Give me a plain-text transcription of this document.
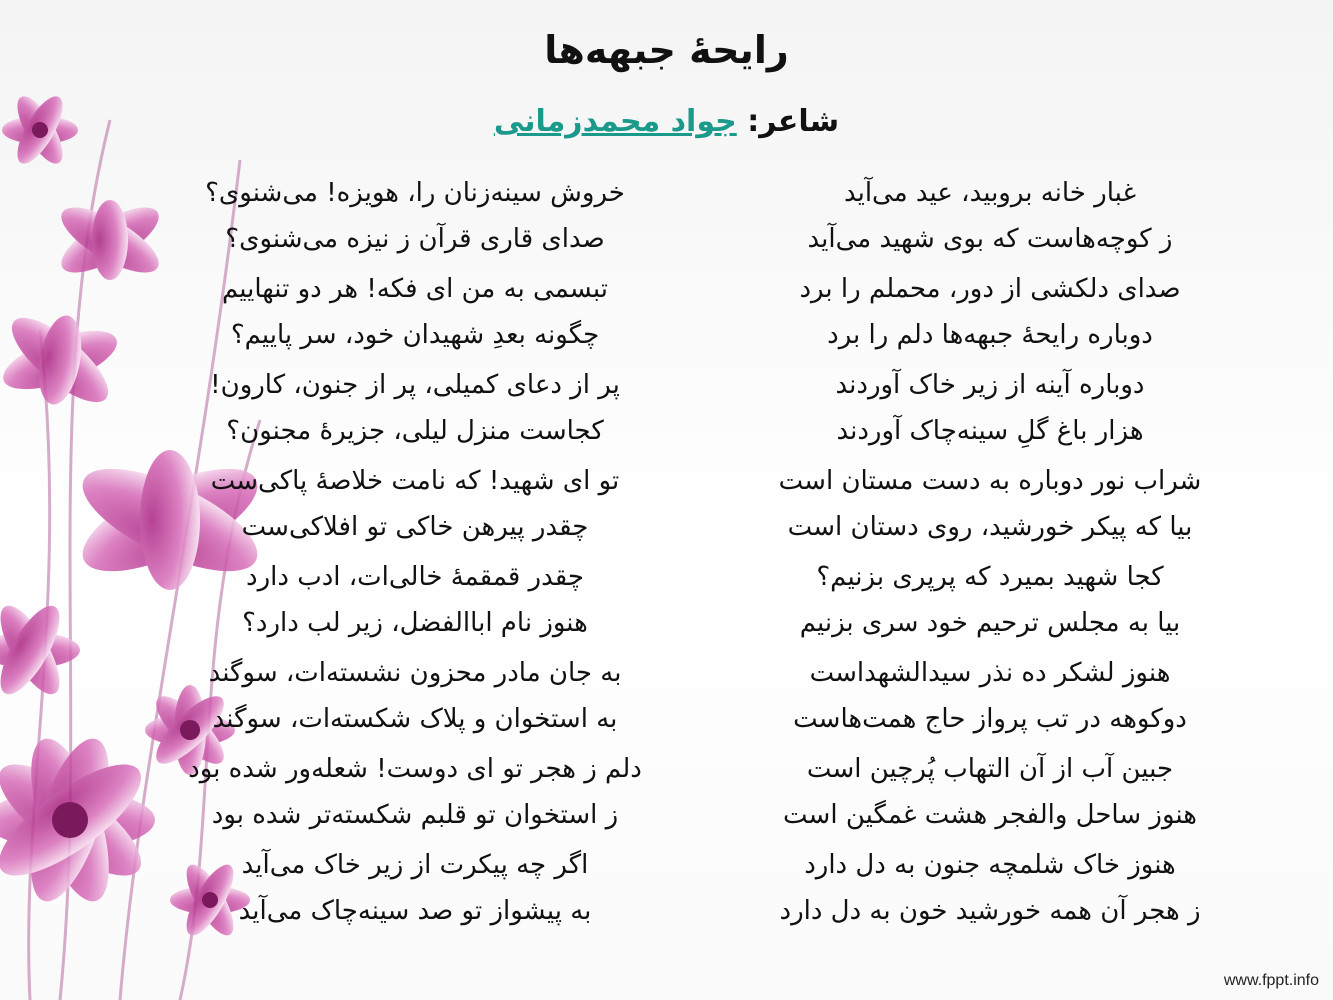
رایحهٔ جبهه‌ها
شاعر: جواد محمدزمانی
غبار خانه بروبید، عید می‌آید
ز کوچه‌هاست که بوی شهید می‌آید
صدای دلکشی از دور، محملم را برد
دوباره رایحهٔ جبهه‌ها دلم را برد
دوباره آینه از زیر خاک آوردند
هزار باغ گلِ سینه‌چاک آوردند
شراب نور دوباره به دست مستان است
بیا که پیکر خورشید، روی دستان است
کجا شهید بمیرد که پرپری بزنیم؟
بیا به مجلس ترحیم خود سری بزنیم
هنوز لشکر ده نذر سیدالشهداست
دوکوهه در تب پرواز حاج همت‌هاست
جبین آب از آن التهاب پُرچین است
هنوز ساحل والفجر هشت غمگین است
هنوز خاک شلمچه جنون به دل دارد
ز هجر آن همه خورشید خون به دل دارد
خروش سینه‌زنان را، هویزه! می‌شنوی؟
صدای قاری قرآن ز نیزه می‌شنوی؟
تبسمی به من ای فکه! هر دو تنهاییم
چگونه بعدِ شهیدان خود، سر پاییم؟
پر از دعای کمیلی، پر از جنون، کارون!
کجاست منزل لیلی، جزیرهٔ مجنون؟
تو ای شهید! که نامت خلاصهٔ پاکی‌ست
چقدر پیرهن خاکی تو افلاکی‌ست
چقدر قمقمهٔ خالی‌ات، ادب دارد
هنوز نام اباالفضل، زیر لب دارد؟
به جان مادر محزون نشسته‌ات، سوگند
به استخوان و پلاک شکسته‌ات، سوگند
دلم ز هجر تو ای دوست! شعله‌ور شده بود
ز استخوان تو قلبم شکسته‌تر شده بود
اگر چه پیکرت از زیر خاک می‌آید
به پیشواز تو صد سینه‌چاک می‌آید
www.fppt.info
